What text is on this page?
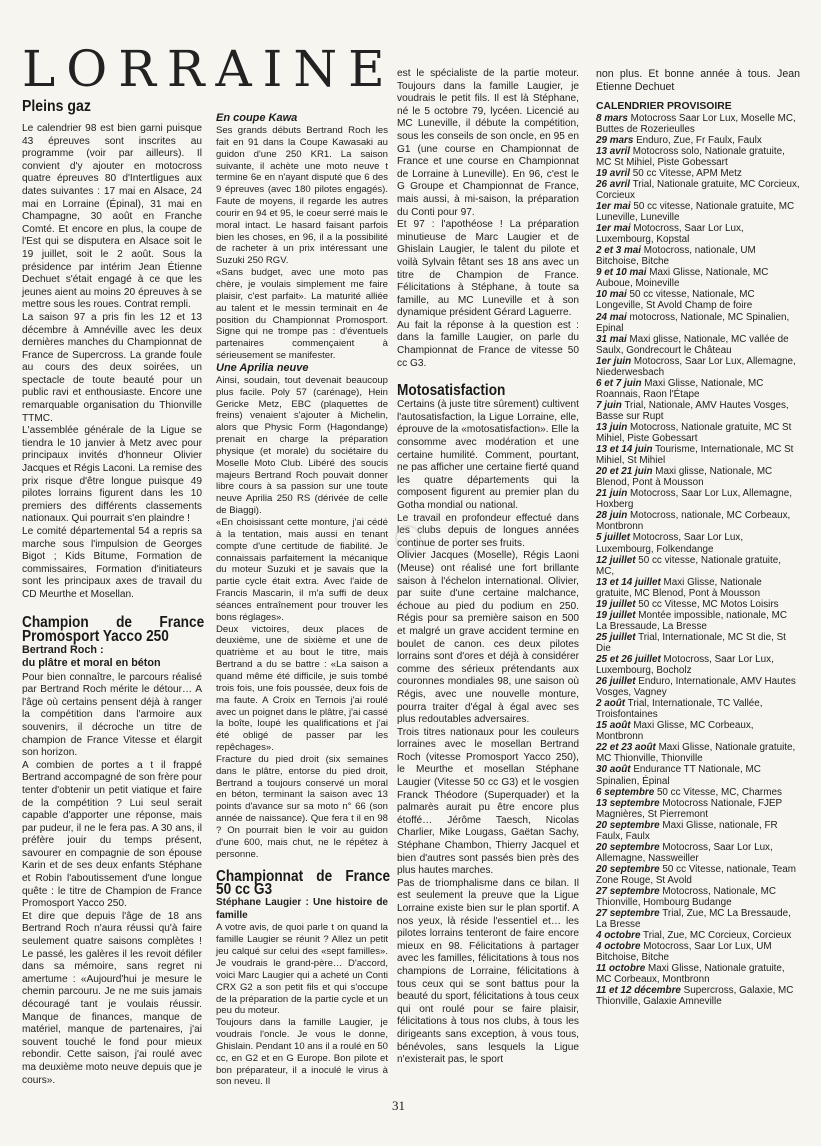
LORRAINE
Pleins gaz

Le calendrier 98 est bien garni puisque 43 épreuves sont inscrites au programme (voir par ailleurs). Il convient d'y ajouter en motocross quatre épreuves 80 d'Intertligues aux dates suivantes : 17 mai en Alsace, 24 mai en Lorraine (Épinal), 31 mai en Champagne, 30 août en Franche Comté. Et encore en plus, la coupe de l'Est qui se disputera en Alsace soit le 19 juillet, soit le 2 août. Sous la présidence par intérim Jean Étienne Dechuet s'était engagé à ce que les jeunes aient au moins 20 épreuves à se mettre sous les roues. Contrat rempli.

La saison 97 a pris fin les 12 et 13 décembre à Amnéville avec les deux dernières manches du Championnat de France de Supercross. La grande foule au cours des deux soirées, un spectacle de toute beauté pour un public ravi et enthousiaste. Encore une remarquable organisation du Thionville TTMC.

L'assemblée générale de la Ligue se tiendra le 10 janvier à Metz avec pour principaux invités d'honneur Olivier Jacques et Régis Laconi. La remise des prix risque d'être longue puisque 49 pilotes lorrains figurent dans les 10 premiers des différents classements nationaux. Qui pourrait s'en plaindre !

Le comité départemental 54 a repris sa marche sous l'impulsion de Georges Bigot ; Kids Bitume, Formation de commissaires, Formation d'initiateurs sont les principaux axes de travail du CD Meurthe et Mosellan.

Champion de France Promosport Yacco 250

Bertrand Roch :

du plâtre et moral en béton

Pour bien connaître, le parcours réalisé par Bertrand Roch mérite le détour… A l'âge où certains pensent déjà à ranger la compétition dans l'armoire aux souvenirs, il décroche un titre de champion de France Vitesse et élargit son horizon.

A combien de portes a t il frappé Bertrand accompagné de son frère pour tenter d'obtenir un petit viatique et faire de la compétition ? Lui seul serait capable d'apporter une réponse, mais par pudeur, il ne le fera pas. A 30 ans, il préfère jouir du temps présent, savourer en compagnie de son épouse Karin et de ses deux enfants Stéphane et Robin l'aboutissement d'une longue quête : le titre de Champion de France Promosport Yacco 250.

Et dire que depuis l'âge de 18 ans Bertrand Roch n'aura réussi qu'à faire seulement quatre saisons complètes ! Le passé, les galères il les revoit défiler dans sa mémoire, sans regret ni amertume : «Aujourd'hui je mesure le chemin parcouru. Je ne me suis jamais découragé tant je voulais réussir. Manque de finances, manque de matériel, manque de partenaires, j'ai souvent touché le fond pour mieux rebondir. Cette saison, j'ai roulé avec ma deuxième moto neuve depuis que je cours».

En coupe Kawa

Ses grands débuts Bertrand Roch les fait en 91 dans la Coupe Kawasaki au guidon d'une 250 KR1. La saison suivante, il achète une moto neuve t termine 6e en n'ayant disputé que 6 des 9 épreuves (avec 180 pilotes engagés). Faute de moyens, il regarde les autres courir en 94 et 95, le coeur serré mais le moral intact. Le hasard faisant parfois bien les choses, en 96, il a la possibilité de racheter à un prix intéressant une Suzuki 250 RGV.

«Sans budget, avec une moto pas chère, je voulais simplement me faire plaisir, c'est parfait». La maturité alliée au talent et le messin terminait en 4e position du Championnat Promosport. Signe qui ne trompe pas : d'éventuels partenaires commençaient à sérieusement se manifester.

Une Aprilia neuve

Ainsi, soudain, tout devenait beaucoup plus facile. Poly 57 (carénage), Hein Gericke Metz, EBC (plaquettes de freins) venaient s'ajouter à Michelin, alors que Physic Form (Hagondange) prenait en charge la préparation physique (et morale) du sociétaire du Moselle Moto Club. Libéré des soucis majeurs Bertrand Roch pouvait donner libre cours à sa passion sur une toute neuve Aprilia 250 RS (dérivée de celle de Biaggi).

«En choisissant cette monture, j'ai cédé à la tentation, mais aussi en tenant compte d'une certitude de fiabilité. Je connaissais parfaitement la mécanique du moteur Suzuki et je savais que la partie cycle était extra. Avec l'aide de Francis Mascarin, il m'a suffi de deux séances entraînement pour trouver les bons réglages».

Deux victoires, deux places de deuxième, une de sixième et une de quatrième et au bout le titre, mais Bertrand a du se battre : «La saison a quand même été difficile, je suis tombé trois fois, une fois poussée, deux fois de ma faute. A Croix en Ternois j'ai roulé avec un poignet dans le plâtre, j'ai cassé la boîte, loupé les qualifications et j'ai été obligé de passer par les repêchages».

Fracture du pied droit (six semaines dans le plâtre, entorse du pied droit, Bertrand a toujours conservé un moral en béton, terminant la saison avec 13 points d'avance sur sa moto n° 66 (son année de naissance). Que fera t il en 98 ? On pourrait bien le voir au guidon d'une 600, mais chut, ne le répétez à personne.

Championnat de France 50 cc G3

Stéphane Laugier : Une histoire de famille

A votre avis, de quoi parle t on quand la famille Laugier se réunit ? Allez un petit jeu calqué sur celui des «sept familles». Je voudrais le grand-père… D'accord, voici Marc Laugier qui a acheté un Conti CRX G2 a son petit fils et qui s'occupe de la préparation de la partie cycle et un peu du moteur.

Toujours dans la famille Laugier, je voudrais l'oncle. Je vous le donne, Ghislain. Pendant 10 ans il a roulé en 50 cc, en G2 et en G Europe. Bon pilote et bon préparateur, il a inoculé le virus à son neveu. Il

est le spécialiste de la partie moteur. Toujours dans la famille Laugier, je voudrais le petit fils. Il est là Stéphane, né le 5 octobre 79, lycéen. Licencié au MC Luneville, il débute la compétition, sous les conseils de son oncle, en 95 en G1 (une course en Championnat de France et une course en Championnat de Lorraine à Luneville). En 96, c'est le G Groupe et Championnat de France, mais aussi, à mi-saison, la préparation du Conti pour 97.

Et 97 : l'apothéose ! La préparation minutieuse de Marc Laugier et de Ghislain Laugier, le talent du pilote et voilà Sylvain fêtant ses 18 ans avec un titre de Champion de France. Félicitations à Stéphane, à toute sa famille, au MC Luneville et à son dynamique président Gérard Laguerre.

Au fait la réponse à la question est : dans la famille Laugier, on parle du Championnat de France de vitesse 50 cc G3.

Motosatisfaction

Certains (à juste titre sûrement) cultivent l'autosatisfaction, la Ligue Lorraine, elle, éprouve de la «motosatisfaction». Elle la consomme avec modération et une certaine humilité. Comment, pourtant, ne pas afficher une certaine fierté quand les quatre départements qui la composent figurent au premier plan du Gotha mondial ou national.

Le travail en profondeur effectué dans les clubs depuis de longues années continue de porter ses fruits.

Olivier Jacques (Moselle), Régis Laoni (Meuse) ont réalisé une fort brillante saison à l'échelon international. Olivier, par suite d'une certaine malchance, échoue au pied du podium en 250. Régis pour sa première saison en 500 et malgré un grave accident termine en boulet de canon. ces deux pilotes lorrains sont d'ores et déjà à considérer comme des sérieux prétendants aux couronnes mondiales 98, une saison où Régis, avec une nouvelle monture, pourra traiter d'égal à égal avec ses plus redoutables adversaires.

Trois titres nationaux pour les couleurs lorraines avec le mosellan Bertrand Roch (vitesse Promosport Yacco 250), le Meurthe et mosellan Stéphane Laugier (Vitesse 50 cc G3) et le vosgien Franck Théodore (Superquader) et la palmarès aurait pu être encore plus étoffé… Jérôme Taesch, Nicolas Charlier, Mike Lougass, Gaëtan Sachy, Stéphane Chambon, Thierry Jacquel et bien d'autres sont passés bien près des plus hautes marches.

Pas de triomphalisme dans ce bilan. Il est seulement la preuve que la Ligue Lorraine existe bien sur le plan sportif. A nos yeux, là réside l'essentiel et… les pilotes lorrains tenteront de faire encore mieux en 98. Félicitations à partager avec les familles, félicitations à tous nos champions de Lorraine, félicitations à tous ceux qui se sont battus pour la beauté du sport, félicitations à tous ceux qui ont roulé pour se faire plaisir, félicitations à tous nos clubs, à tous les dirigeants sans exception, à vous tous, bénévoles, sans lesquels la Ligue n'existerait pas, le sport

non plus. Et bonne année à tous. Jean Etienne Dechuet

CALENDRIER PROVISOIRE

8 mars Motocross Saar Lor Lux, Moselle MC, Buttes de Rozerieulles
29 mars Enduro, Zue, Fr Faulx, Faulx
13 avril Motocross solo, Nationale gratuite, MC St Mihiel, Piste Gobessart
19 avril 50 cc Vitesse, APM Metz
26 avril Trial, Nationale gratuite, MC Corcieux, Corcieux
1er mai 50 cc vitesse, Nationale gratuite, MC Luneville, Luneville
1er mai Motocross, Saar Lor Lux, Luxembourg, Kopstal
2 et 3 mai Motocross, nationale, UM Bitchoise, Bitche
9 et 10 mai Maxi Glisse, Nationale, MC Auboue, Moineville
10 mai 50 cc vitesse, Nationale, MC Longeville, St Avold Champ de foire
24 mai motocross, Nationale, MC Spinalien, Epinal
31 mai Maxi glisse, Nationale, MC vallée de Saulx, Gondrecourt le Château
1er juin Motocross, Saar Lor Lux, Allemagne, Niederwesbach
6 et 7 juin Maxi Glisse, Nationale, MC Roannais, Raon l'Étape
7 juin Trial, Nationale, AMV Hautes Vosges, Basse sur Rupt
13 juin Motocross, Nationale gratuite, MC St Mihiel, Piste Gobessart
13 et 14 juin Tourisme, Internationale, MC St Mihiel, St Mihiel
20 et 21 juin Maxi glisse, Nationale, MC Blenod, Pont à Mousson
21 juin Motocross, Saar Lor Lux, Allemagne, Hoxberg
28 juin Motocross, nationale, MC Corbeaux, Montbronn
5 juillet Motocross, Saar Lor Lux, Luxembourg, Folkendange
12 juillet 50 cc vitesse, Nationale gratuite, MC,
13 et 14 juillet Maxi Glisse, Nationale gratuite, MC Blenod, Pont à Mousson
19 juillet 50 cc Vitesse, MC Motos Loisirs
19 juillet Montée impossible, nationale, MC La Bressaude, La Bresse
25 juillet Trial, Internationale, MC St die, St Die
25 et 26 juillet Motocross, Saar Lor Lux, Luxembourg, Bocholz
26 juillet Enduro, Internationale, AMV Hautes Vosges, Vagney
2 août Trial, Internationale, TC Vallée, Troisfontaines
15 août Maxi Glisse, MC Corbeaux, Montbronn
22 et 23 août Maxi Glisse, Nationale gratuite, MC Thionville, Thionville
30 août Endurance TT Nationale, MC Spinalien, Épinal
6 septembre 50 cc Vitesse, MC, Charmes
13 septembre Motocross Nationale, FJEP Magnières, St Pierremont
20 septembre Maxi Glisse, nationale, FR Faulx, Faulx
20 septembre Motocross, Saar Lor Lux, Allemagne, Nassweiller
20 septembre 50 cc Vitesse, nationale, Team Zone Rouge, St Avold
27 septembre Motocross, Nationale, MC Thionville, Hombourg Budange
27 septembre Trial, Zue, MC La Bressaude, La Bresse
4 octobre Trial, Zue, MC Corcieux, Corcieux
4 octobre Motocross, Saar Lor Lux, UM Bitchoise, Bitche
11 octobre Maxi Glisse, Nationale gratuite, MC Corbeaux, Montbronn
11 et 12 décembre Supercross, Galaxie, MC Thionville, Galaxie Amneville
31
